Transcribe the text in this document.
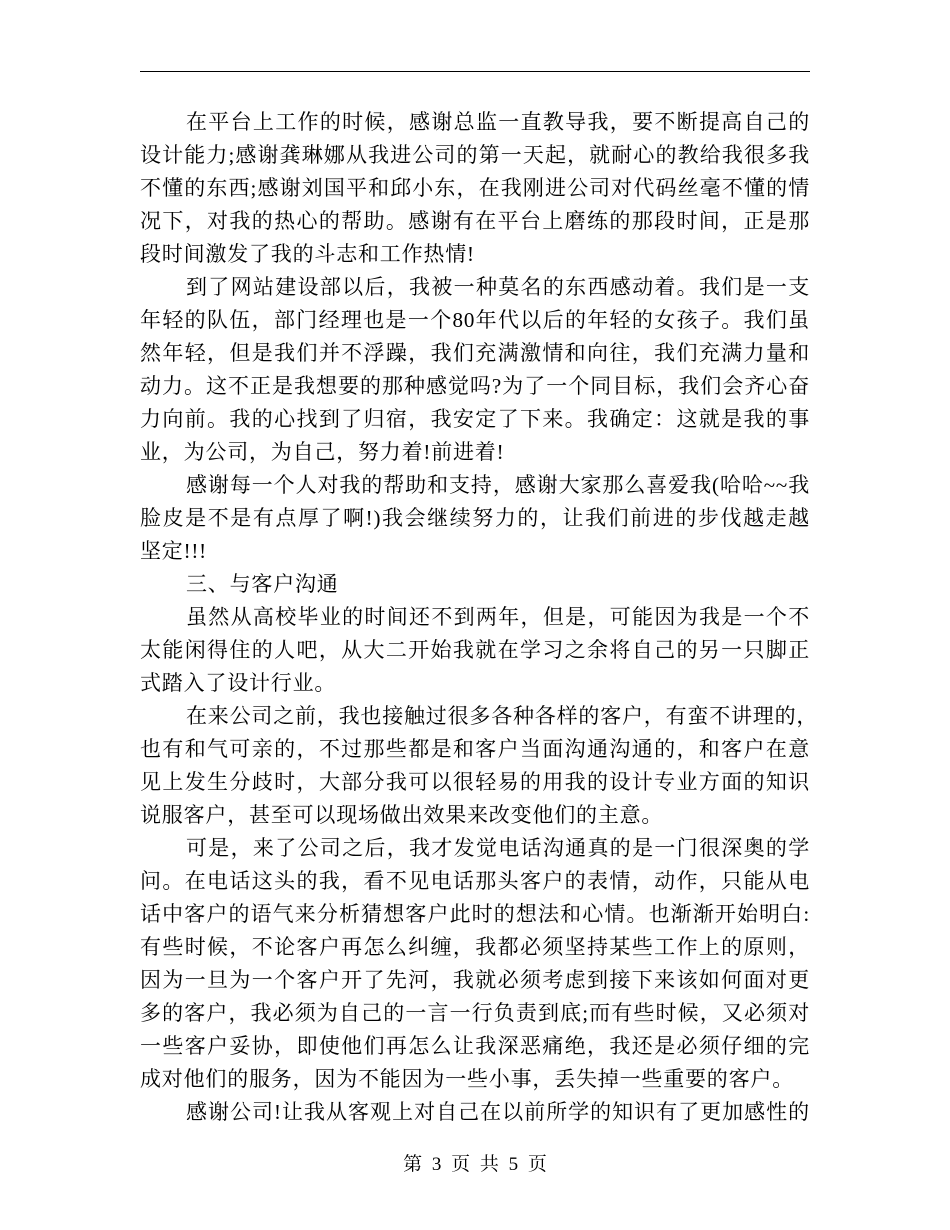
在平台上工作的时候，感谢总监一直教导我，要不断提高自己的
设计能力;感谢龚琳娜从我进公司的第一天起，就耐心的教给我很多我
不懂的东西;感谢刘国平和邱小东，在我刚进公司对代码丝毫不懂的情
况下，对我的热心的帮助。感谢有在平台上磨练的那段时间，正是那
段时间激发了我的斗志和工作热情!
到了网站建设部以后，我被一种莫名的东西感动着。我们是一支
年轻的队伍，部门经理也是一个80年代以后的年轻的女孩子。我们虽
然年轻，但是我们并不浮躁，我们充满激情和向往，我们充满力量和
动力。这不正是我想要的那种感觉吗?为了一个同目标，我们会齐心奋
力向前。我的心找到了归宿，我安定了下来。我确定：这就是我的事
业，为公司，为自己，努力着!前进着!
感谢每一个人对我的帮助和支持，感谢大家那么喜爱我(哈哈~~我
脸皮是不是有点厚了啊!)我会继续努力的，让我们前进的步伐越走越
坚定!!!
三、与客户沟通
虽然从高校毕业的时间还不到两年，但是，可能因为我是一个不
太能闲得住的人吧，从大二开始我就在学习之余将自己的另一只脚正
式踏入了设计行业。
在来公司之前，我也接触过很多各种各样的客户，有蛮不讲理的，
也有和气可亲的，不过那些都是和客户当面沟通沟通的，和客户在意
见上发生分歧时，大部分我可以很轻易的用我的设计专业方面的知识
说服客户，甚至可以现场做出效果来改变他们的主意。
可是，来了公司之后，我才发觉电话沟通真的是一门很深奥的学
问。在电话这头的我，看不见电话那头客户的表情，动作，只能从电
话中客户的语气来分析猜想客户此时的想法和心情。也渐渐开始明白:
有些时候，不论客户再怎么纠缠，我都必须坚持某些工作上的原则，
因为一旦为一个客户开了先河，我就必须考虑到接下来该如何面对更
多的客户，我必须为自己的一言一行负责到底;而有些时候，又必须对
一些客户妥协，即使他们再怎么让我深恶痛绝，我还是必须仔细的完
成对他们的服务，因为不能因为一些小事，丢失掉一些重要的客户。
感谢公司!让我从客观上对自己在以前所学的知识有了更加感性的
第 3 页 共 5 页
